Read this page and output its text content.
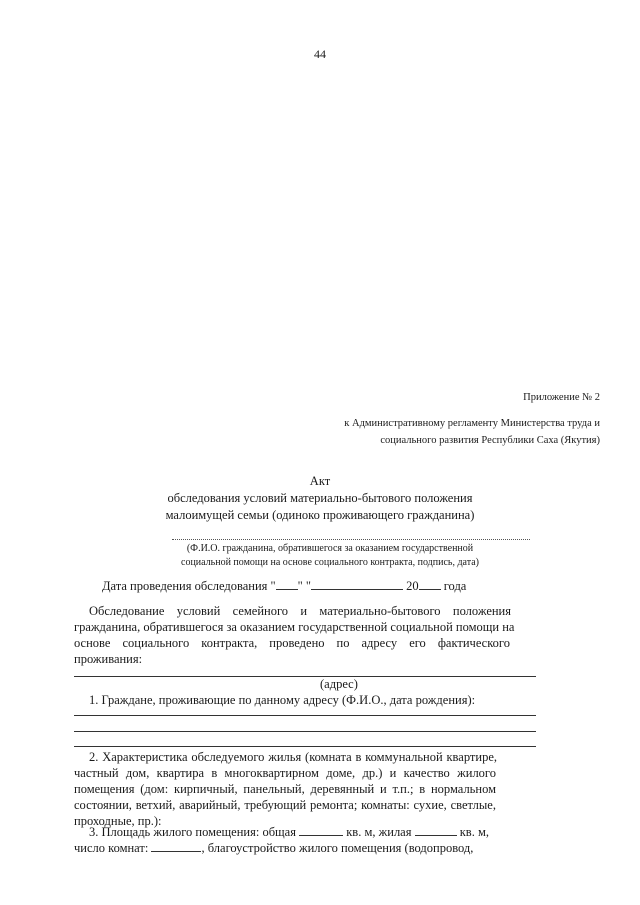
44
Приложение № 2
к Административному регламенту Министерства труда и
социального развития Республики Саха (Якутия)
Акт
обследования условий материально-бытового положения
малоимущей семьи (одиноко проживающего гражданина)
(Ф.И.О. гражданина, обратившегося за оказанием государственной
социальной помощи на основе социального контракта, подпись, дата)
Дата проведения обследования " " "	20 года
Обследование условий семейного и материально-бытового положения
гражданина, обратившегося за оказанием государственной социальной помощи на
основе социального контракта, проведено по адресу его фактического
проживания:
(адрес)
1. Граждане, проживающие по данному адресу (Ф.И.О., дата рождения):
2. Характеристика обследуемого жилья (комната в коммунальной квартире,
частный дом, квартира в многоквартирном доме, др.) и качество жилого
помещения (дом: кирпичный, панельный, деревянный и т.п.; в нормальном
состоянии, ветхий, аварийный, требующий ремонта; комнаты: сухие, светлые,
проходные, пр.):
3. Площадь жилого помещения: общая	кв. м, жилая	кв. м,
число комнат:	, благоустройство жилого помещения (водопровод,
